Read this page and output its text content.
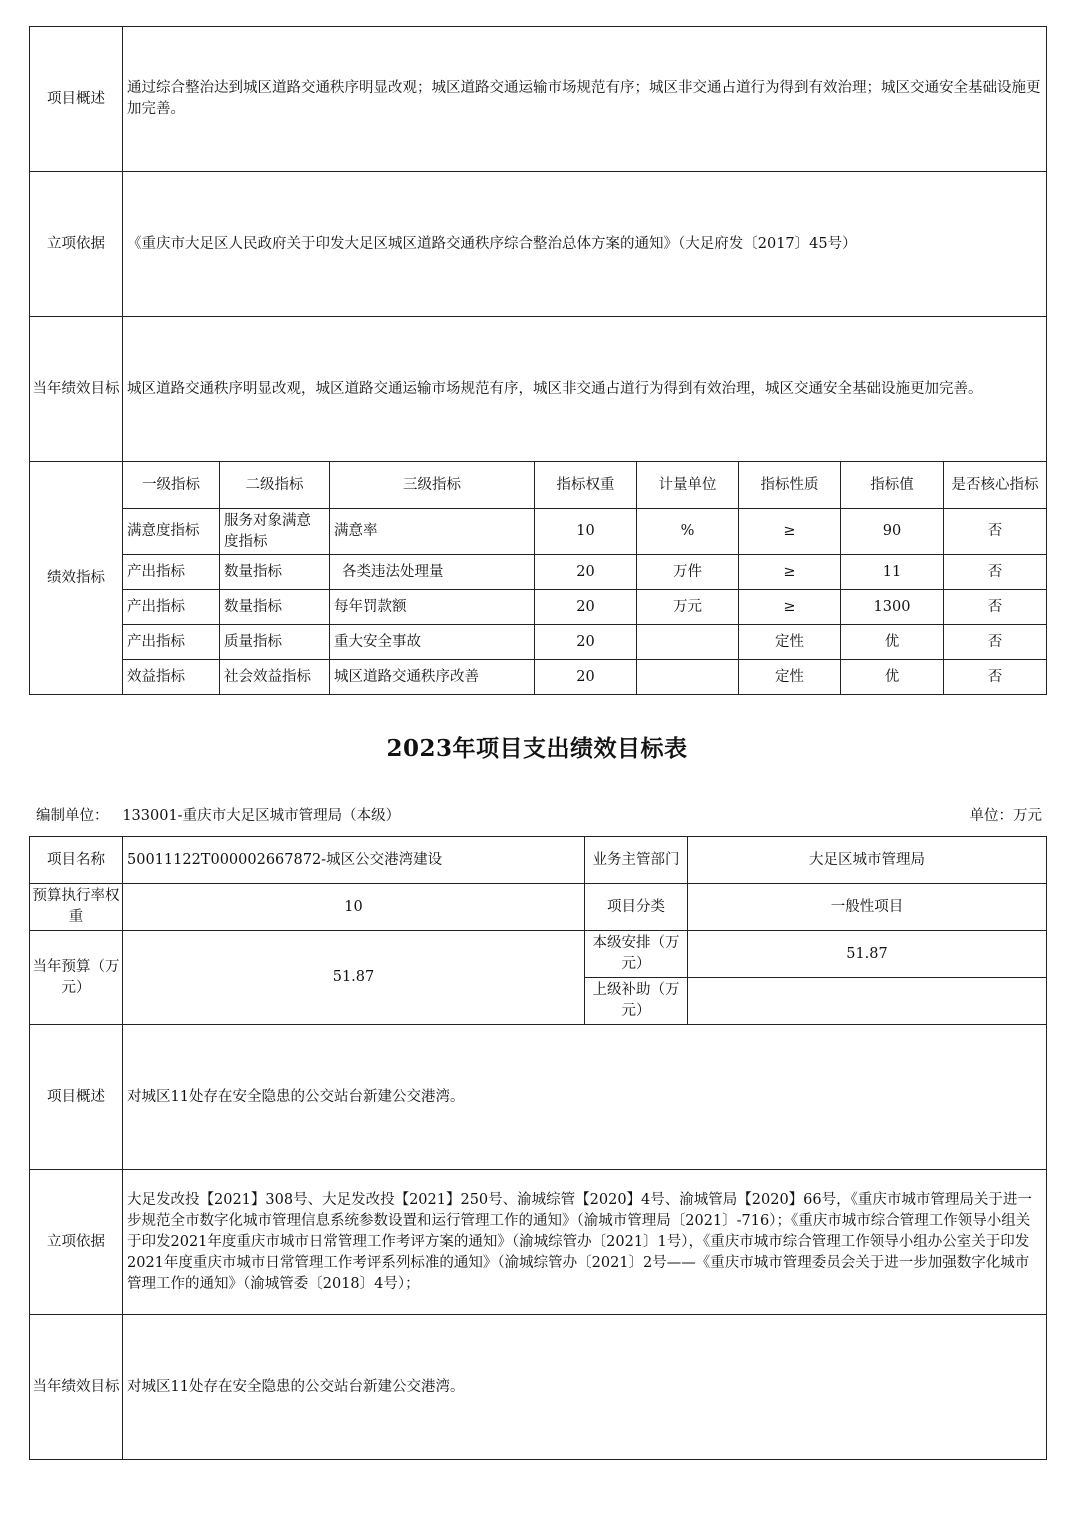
项目概述	通过综合整治达到城区道路交通秩序明显改观；城区道路交通运输市场规范有序；城区非交通占道行为得到有效治理；城区交通安全基础设施更加完善。							
立项依据	《重庆市大足区人民政府关于印发大足区城区道路交通秩序综合整治总体方案的通知》（大足府发〔2017〕45号）							
当年绩效目标	城区道路交通秩序明显改观，城区道路交通运输市场规范有序，城区非交通占道行为得到有效治理，城区交通安全基础设施更加完善。							
绩效指标	一级指标	二级指标	三级指标	指标权重	计量单位	指标性质	指标值	是否核心指标
	满意度指标	服务对象满意度指标	满意率	10	%	≥	90	否
	产出指标	数量指标	各类违法处理量	20	万件	≥	11	否
	产出指标	数量指标	每年罚款额	20	万元	≥	1300	否
	产出指标	质量指标	重大安全事故	20		定性	优	否
	效益指标	社会效益指标	城区道路交通秩序改善	20		定性	优	否
2023年项目支出绩效目标表
编制单位： 133001-重庆市大足区城市管理局（本级）	单位：万元
项目名称	50011122T000002667872-城区公交港湾建设	业务主管部门	大足区城市管理局
预算执行率权重	10	项目分类	一般性项目
当年预算（万元）	51.87	本级安排（万元）	51.87
		上级补助（万元）	
项目概述	对城区11处存在安全隐患的公交站台新建公交港湾。		
立项依据	大足发改投【2021】308号、大足发改投【2021】250号、渝城综管【2020】4号、渝城管局【2020】66号，《重庆市城市管理局关于进一步规范全市数字化城市管理信息系统参数设置和运行管理工作的通知》（渝城市管理局〔2021〕-716）；《重庆市城市综合管理工作领导小组关于印发2021年度重庆市城市日常管理工作考评方案的通知》（渝城综管办〔2021〕1号），《重庆市城市综合管理工作领导小组办公室关于印发2021年度重庆市城市日常管理工作考评系列标准的通知》（渝城综管办〔2021〕2号——《重庆市城市管理委员会关于进一步加强数字化城市管理工作的通知》（渝城管委〔2018〕4号）；		
当年绩效目标	对城区11处存在安全隐患的公交站台新建公交港湾。		
